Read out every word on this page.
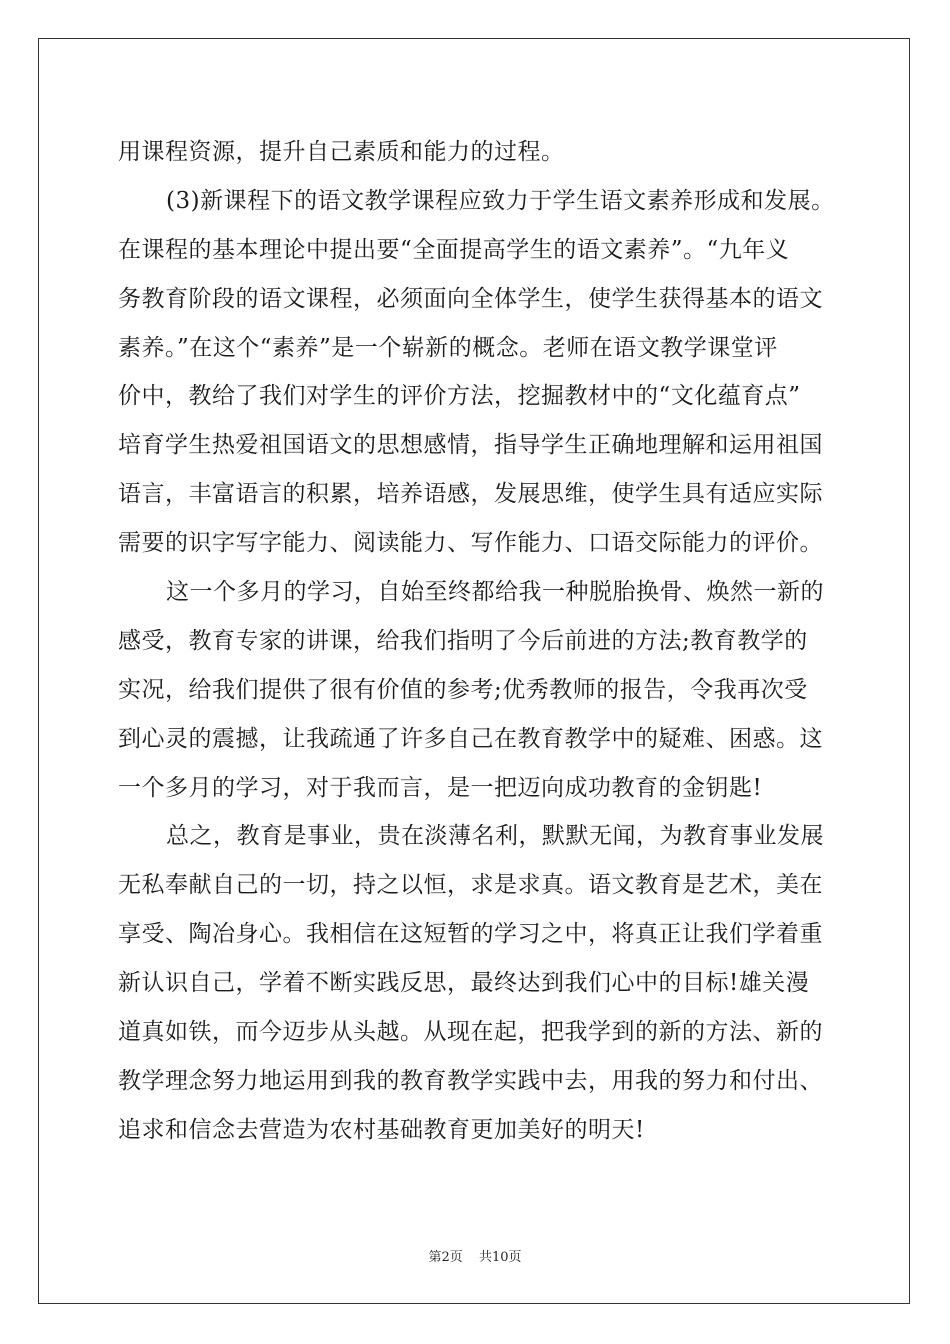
用课程资源，提升自己素质和能力的过程。
(3)新课程下的语文教学课程应致力于学生语文素养形成和发展。
在课程的基本理论中提出要“全面提高学生的语文素养”。“九年义
务教育阶段的语文课程，必须面向全体学生，使学生获得基本的语文
素养。”在这个“素养”是一个崭新的概念。老师在语文教学课堂评
价中，教给了我们对学生的评价方法，挖掘教材中的“文化蕴育点”
培育学生热爱祖国语文的思想感情，指导学生正确地理解和运用祖国
语言，丰富语言的积累，培养语感，发展思维，使学生具有适应实际
需要的识字写字能力、阅读能力、写作能力、口语交际能力的评价。
这一个多月的学习，自始至终都给我一种脱胎换骨、焕然一新的
感受，教育专家的讲课，给我们指明了今后前进的方法;教育教学的
实况，给我们提供了很有价值的参考;优秀教师的报告，令我再次受
到心灵的震撼，让我疏通了许多自己在教育教学中的疑难、困惑。这
一个多月的学习，对于我而言，是一把迈向成功教育的金钥匙!
总之，教育是事业，贵在淡薄名利，默默无闻，为教育事业发展
无私奉献自己的一切，持之以恒，求是求真。语文教育是艺术，美在
享受、陶冶身心。我相信在这短暂的学习之中，将真正让我们学着重
新认识自己，学着不断实践反思，最终达到我们心中的目标!雄关漫
道真如铁，而今迈步从头越。从现在起，把我学到的新的方法、新的
教学理念努力地运用到我的教育教学实践中去，用我的努力和付出、
追求和信念去营造为农村基础教育更加美好的明天!
第2页 共10页
